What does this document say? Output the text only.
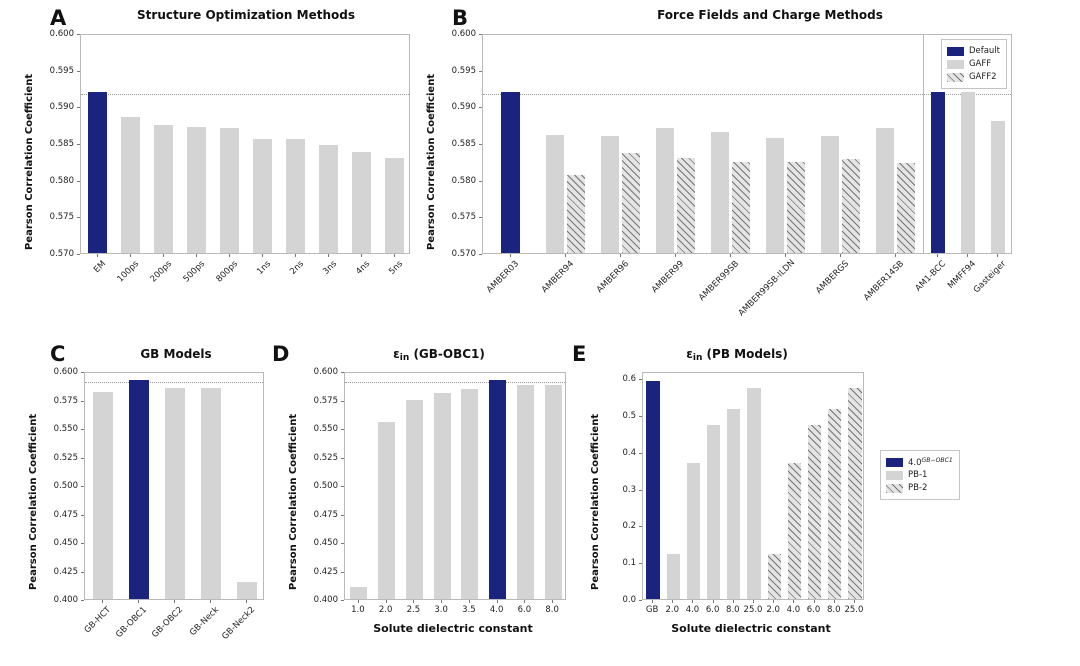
A	Structure Optimization Methods
Pearson Correlation Coefficient
0.570
0.575
0.580
0.585
0.590
0.595
0.600
EM 100ps 200ps 500ps 800ps	1ns	2ns	3ns	4ns	5ns
B	Force Fields and Charge Methods
Pearson Correlation Coefficient
Default
GAFF
GAFF2
0.570
0.575
0.580
0.585
0.590
0.595
0.600
AMBER03	AMBER94	AMBER96	AMBER99	AMBER99SB
AMBER99SB-ILDN	AMBERGS	AMBER14SB AM1-BCC
MMFF94
Gasteiger
C	GB Models
Pearson Correlation Coefficient
0.400
0.425
0.450
0.475
0.500
0.525
0.550
0.575
0.600
GB-HCT GB-OBC1 GB-OBC2 GB-Neck GB-Neck2
D	$\varepsilon_{in}$ (GB-OBC1)
Pearson Correlation Coefficient
Solute dielectric constant
0.400
0.425
0.450
0.475
0.500
0.525
0.550
0.575
0.600
1.0	2.0	2.5	3.0	3.5	4.0	6.0	8.0
E	$\varepsilon_{in}$ (PB Models)
Pearson Correlation Coefficient
Solute dielectric constant
0.0
0.1
0.2
0.3
0.4
0.5
0.6
GB 2.0 4.0 6.0 8.0 25.0 2.0 4.0 6.0 8.0 25.0
$4.0^{GB-OBC1}$
PB-1
PB-2
